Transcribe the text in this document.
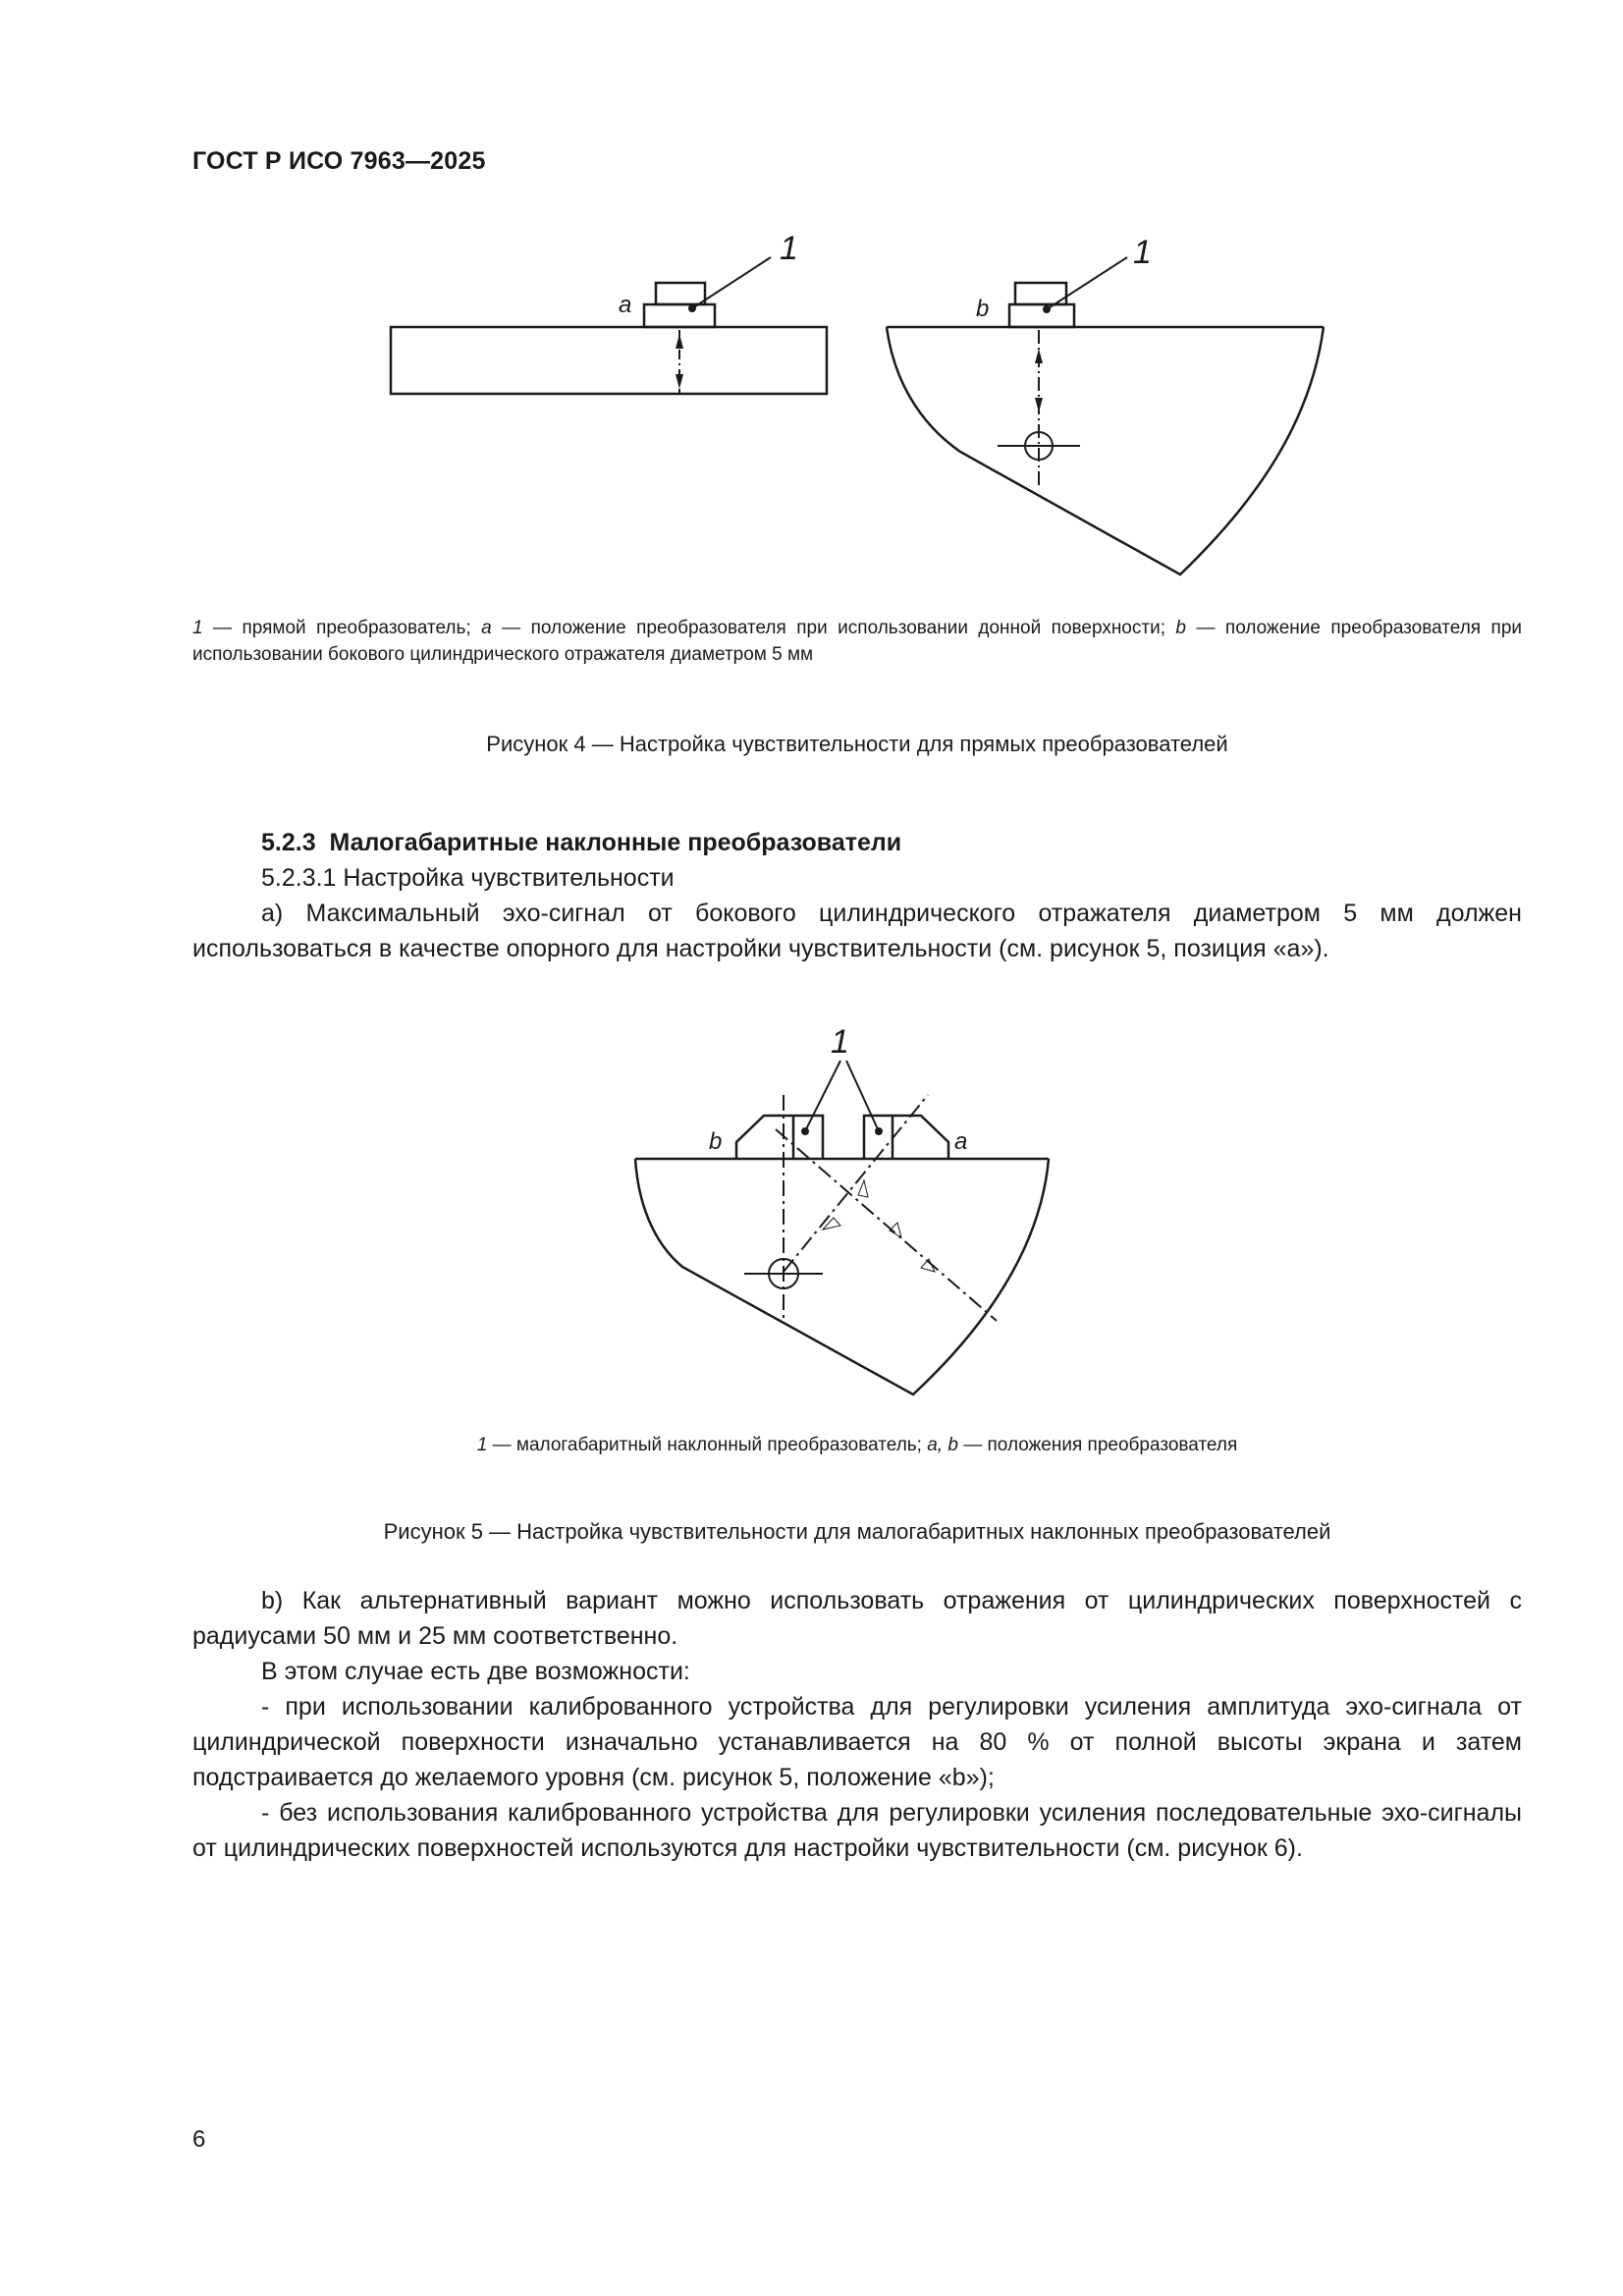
ГОСТ Р ИСО 7963—2025
1
a
1
b
1 — прямой преобразователь; a — положение преобразователя при использовании донной поверхности; b — положение преобразователя при использовании бокового цилиндрического отражателя диаметром 5 мм
Рисунок 4 — Настройка чувствительности для прямых преобразователей

5.2.3 Малогабаритные наклонные преобразователи

5.2.3.1 Настройка чувствительности

a) Максимальный эхо-сигнал от бокового цилиндрического отражателя диаметром 5 мм должен использоваться в качестве опорного для настройки чувствительности (см. рисунок 5, позиция «а»).

1
b	a
1 — малогабаритный наклонный преобразователь; a, b — положения преобразователя
Рисунок 5 — Настройка чувствительности для малогабаритных наклонных преобразователей

b) Как альтернативный вариант можно использовать отражения от цилиндрических поверхностей с радиусами 50 мм и 25 мм соответственно.

В этом случае есть две возможности:

- при использовании калиброванного устройства для регулировки усиления амплитуда эхо-сигнала от цилиндрической поверхности изначально устанавливается на 80 % от полной высоты экрана и затем подстраивается до желаемого уровня (см. рисунок 5, положение «b»);

- без использования калиброванного устройства для регулировки усиления последовательные эхо-сигналы от цилиндрических поверхностей используются для настройки чувствительности (см. рисунок 6).

6
